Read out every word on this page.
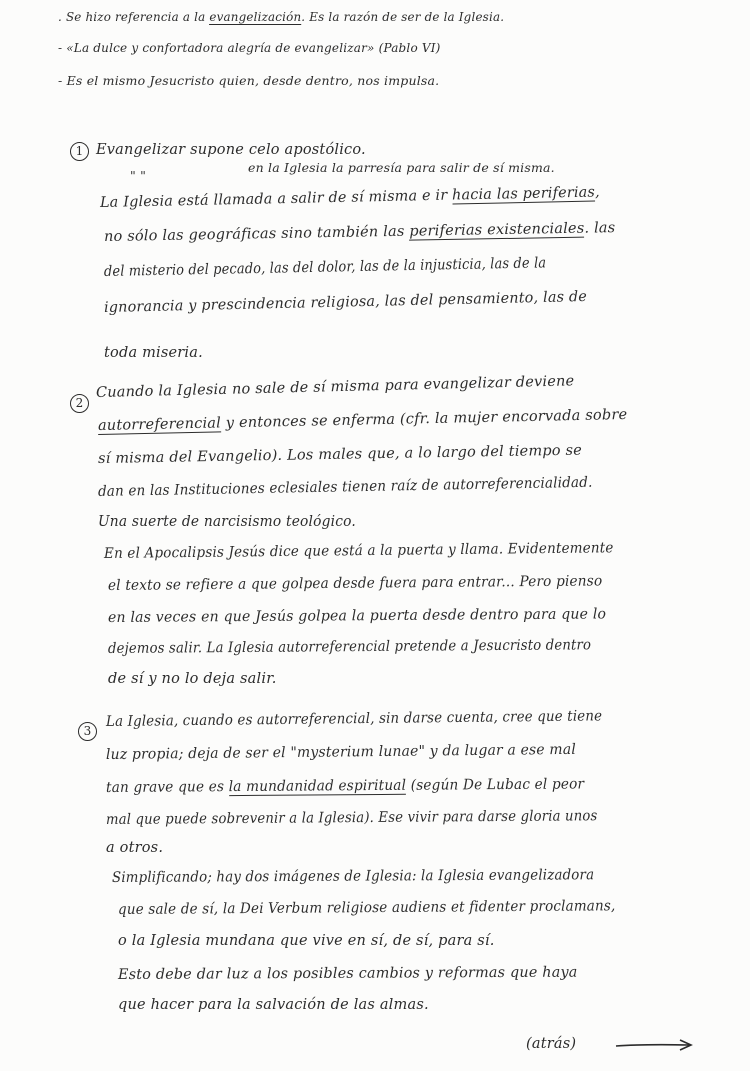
. Se hizo referencia a la evangelización. Es la razón de ser de la Iglesia.
- «La dulce y confortadora alegría de evangelizar» (Pablo VI)
- Es el mismo Jesucristo quien, desde dentro, nos impulsa.
1 Evangelizar supone celo apostólico.
" "
en la Iglesia la parresía para salir de sí misma.
La Iglesia está llamada a salir de sí misma e ir hacia las periferias,
no sólo las geográficas sino también las periferias existenciales. las
del misterio del pecado, las del dolor, las de la injusticia, las de la
ignorancia y prescindencia religiosa, las del pensamiento, las de
toda miseria.
2
Cuando la Iglesia no sale de sí misma para evangelizar deviene
autorreferencial y entonces se enferma (cfr. la mujer encorvada sobre
sí misma del Evangelio). Los males que, a lo largo del tiempo se
dan en las Instituciones eclesiales tienen raíz de autorreferencialidad.
Una suerte de narcisismo teológico.
En el Apocalipsis Jesús dice que está a la puerta y llama. Evidentemente
el texto se refiere a que golpea desde fuera para entrar... Pero pienso
en las veces en que Jesús golpea la puerta desde dentro para que lo
dejemos salir. La Iglesia autorreferencial pretende a Jesucristo dentro
de sí y no lo deja salir.
3
La Iglesia, cuando es autorreferencial, sin darse cuenta, cree que tiene
luz propia; deja de ser el "mysterium lunae" y da lugar a ese mal
tan grave que es la mundanidad espiritual (según De Lubac el peor
mal que puede sobrevenir a la Iglesia). Ese vivir para darse gloria unos
a otros.
Simplificando; hay dos imágenes de Iglesia: la Iglesia evangelizadora
que sale de sí, la Dei Verbum religiose audiens et fidenter proclamans,
o la Iglesia mundana que vive en sí, de sí, para sí.
Esto debe dar luz a los posibles cambios y reformas que haya
que hacer para la salvación de las almas.
(atrás)
